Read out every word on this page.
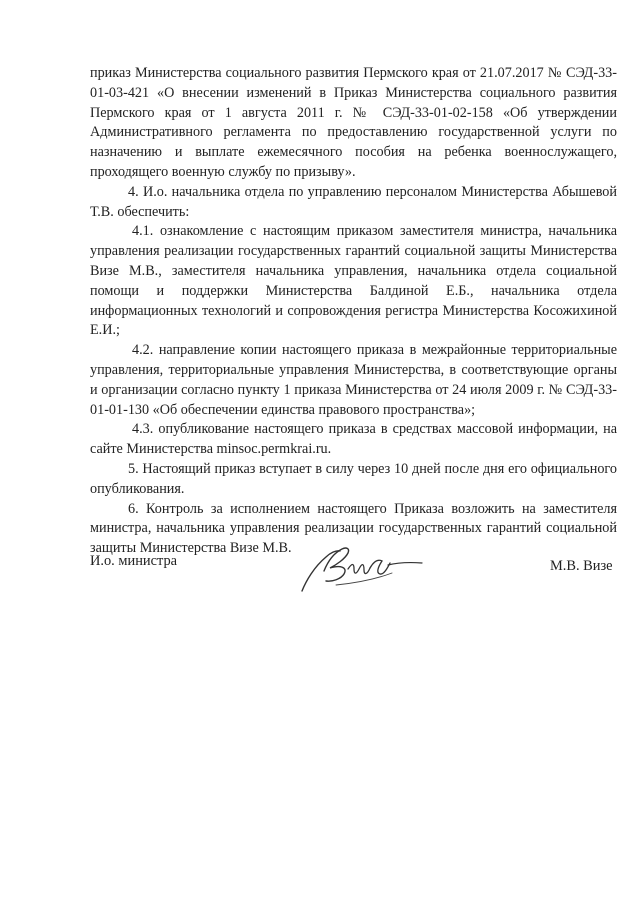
приказ Министерства социального развития Пермского края от 21.07.2017 № СЭД-33-01-03-421 «О внесении изменений в Приказ Министерства социального развития Пермского края от 1 августа 2011 г. № СЭД-33-01-02-158 «Об утверждении Административного регламента по предоставлению государственной услуги по назначению и выплате ежемесячного пособия на ребенка военнослужащего, проходящего военную службу по призыву».

4. И.о. начальника отдела по управлению персоналом Министерства Абышевой Т.В. обеспечить:

4.1. ознакомление с настоящим приказом заместителя министра, начальника управления реализации государственных гарантий социальной защиты Министерства Визе М.В., заместителя начальника управления, начальника отдела социальной помощи и поддержки Министерства Балдиной Е.Б., начальника отдела информационных технологий и сопровождения регистра Министерства Косожихиной Е.И.;

4.2. направление копии настоящего приказа в межрайонные территориальные управления, территориальные управления Министерства, в соответствующие органы и организации согласно пункту 1 приказа Министерства от 24 июля 2009 г. № СЭД-33-01-01-130 «Об обеспечении единства правового пространства»;

4.3. опубликование настоящего приказа в средствах массовой информации, на сайте Министерства minsoc.permkrai.ru.

5. Настоящий приказ вступает в силу через 10 дней после дня его официального опубликования.

6. Контроль за исполнением настоящего Приказа возложить на заместителя министра, начальника управления реализации государственных гарантий социальной защиты Министерства Визе М.В.

И.о. министра	М.В. Визе
